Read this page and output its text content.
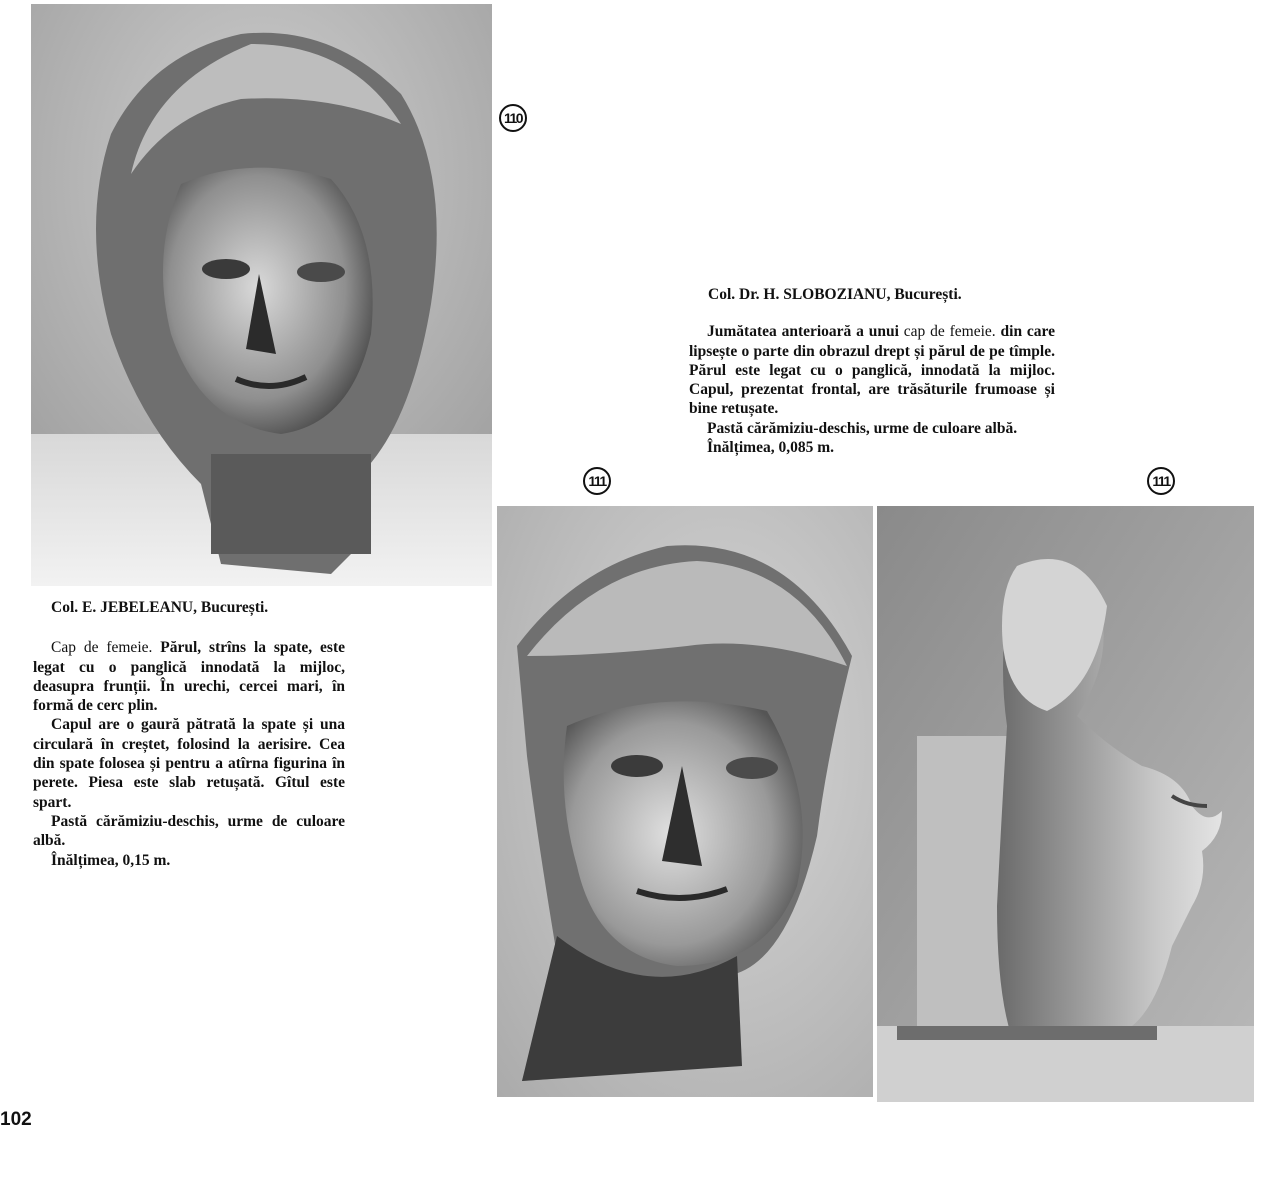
110
111	111
Col. E. JEBELEANU, București.

Cap de femeie. Părul, strîns la spate, este legat cu o panglică innodată la mijloc, deasupra frunții. În urechi, cercei mari, în formă de cerc plin.

Capul are o gaură pătrată la spate și una circulară în creștet, folosind la aerisire. Cea din spate folosea și pentru a atîrna figurina în perete. Piesa este slab retușată. Gîtul este spart.

Pastă cărămiziu-deschis, urme de culoare albă.

Înălțimea, 0,15 m.

Col. Dr. H. SLOBOZIANU, București.

Jumătatea anterioară a unui cap de femeie. din care lipsește o parte din obrazul drept și părul de pe tîmple. Părul este legat cu o panglică, innodată la mijloc. Capul, prezentat frontal, are trăsăturile frumoase și bine retușate.

Pastă cărămiziu-deschis, urme de culoare albă.

Înălțimea, 0,085 m.

102
